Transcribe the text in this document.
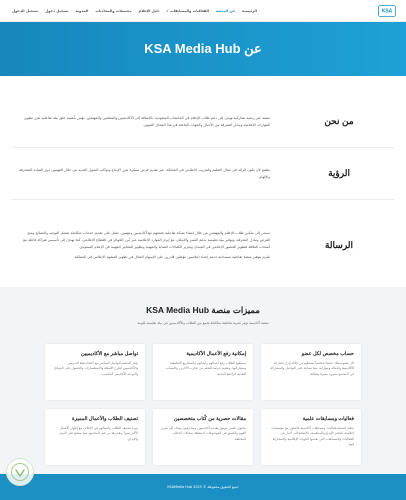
KSA
الرئيسية
عن المنصة
الفعاليات والمسابقات ▾
دليل الإعلام
مجتمعات والمحادثات
المدونة
تسجيل دخول
تسجيل الدخول
عن KSA Media Hub
من نحن

منصة غير ربحية تشاركية تهدف إلى دعم طلاب الإعلام في الجامعات السعودية، بالإضافة إلى الأكاديميين والمعلمين والمهتمين. نؤمن بأهمية خلق بيئة تفاعلية تعزز تطوير المهارات الإعلامية وتبادل المعرفة بين الأجيال والجهات الفاعلة في هذا المجال الحيوي.

الرؤية

نطمح لأن نكون الرائد في مجال التعليم والتدريب الإعلامي في المملكة، عبر تقديم فرص مبتكرة تعزز الإبداع وتواكب التحول الجديد من خلال المهنيين ذوي القيادة المحترفة والإلهام.

الرسالة

نسعى إلى تمكين طلاب الإعلام والمهتمين من خلال إنشاء شبكة تفاعلية تجمعهم مع أكاديميين ومهنيين. نعمل على تقديم خدمات متكاملة تشمل التوجيه والنصائح ومنح الفرص وتبادل المعرفة، وتوفير بيئة تعليمية تدعم التميز والابتكار، مع إبراز الموارد الإعلامية عبر أبرز الجوائز في القطاع الإعلامي، كما نهدف إلى تأسيس شراكة فاعلة مع أصحاب العلاقة لتطوير الحضور الإعلامي في الميدان وتعزيز الكفاءات الشابة والمهنية وتطوير المعايير المهنية في الإعلام السعودي.

نلتزم بتوفير منصة تفاعلية مستدامة تدعم إعداد إعلاميين مؤهلين قادرين على الإسهام الفعال في تطوير المشهد الإعلامي في المملكة.

مميزات منصة KSA Media Hub

منصة أكاديمية توفر تجربة تفاعلية متكاملة تجمع بين الطلاب والأكاديميين في بيئة تعليمية مُلهمة

حساب مخصص لكل عضو
كل عضو يمتلك حساباً شخصياً يستطيع من خلاله إبراز إنجازاته الأكاديمية وأعماله ومهاراته، مما يساعد على التواصل والمشاركة في المجتمع بصورة مميزة وفعالة.
إمكانية رفع الأعمال الأكاديمية
يستطيع الطلاب رفع أعمالهم وأبحاثهم والمشاريع التطبيقية ومشاركتها، وتقديم فرصة للتعلم من تجارب الآخرين واكتساب التغذية الراجعة البناءة.
تواصل مباشر مع الأكاديميين
توفر المنصة التواصل المباشر مع أعضاء هيئة التدريس والأكاديميين لطرح الأسئلة والاستفسارات والحصول على النصائح والتوجيه الأكاديمي المناسب.
فعاليات ومسابقات علمية
تنظم المنصة فعاليات ومسابقات أكاديمية بالتعاون مع مؤسسات إعلامية، لتحفيز الإبداع والمنافسة، بالإضافة إلى أخبار عن الفعاليات والمسابقات التي تقدمها الجهات الإعلامية والمشاركة فيها.
مقالات حصرية من كُتاب متخصصين
محتوى علمي موثوق يقدمه أكاديميون ومحترفون يهدف إلى تعزيز الفهم والتعمق في الموضوعات المتعلقة بمجالات الإعلام المختلفة.
تصنيف الطلاب والأعمال المميزة
ميزة تصنيف الطلاب وأعمالهم في الإعلام، مع إظهار الأعمال الأكثر تميزاً وتقديرها من قبل المجتمع، مما يشجع على التميز والإبداع.
جميع الحقوق محفوظة © 2025 KSAMedia Hub
